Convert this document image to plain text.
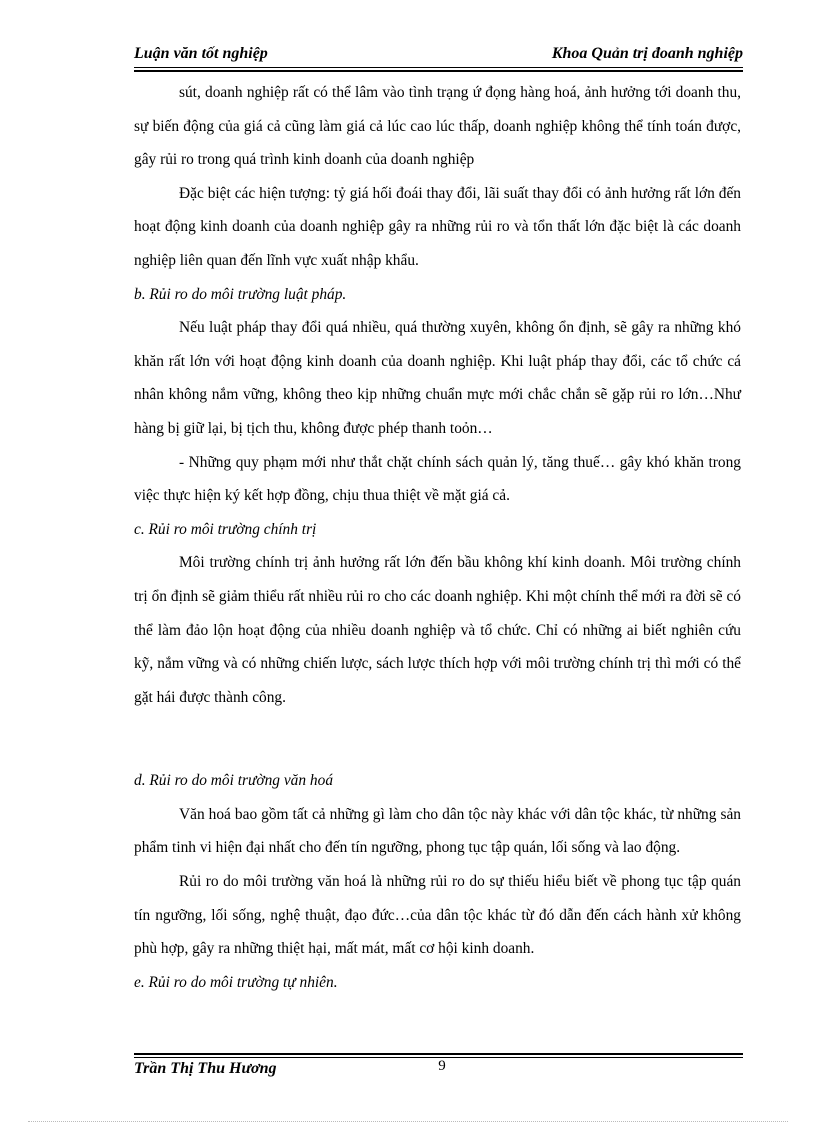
Luận văn tốt nghiệp	Khoa Quản trị đoanh nghiệp

sút, doanh nghiệp rất có thể lâm vào tình trạng ứ đọng hàng hoá, ảnh hưởng tới doanh thu, sự biến động của giá cả cũng làm giá cả lúc cao lúc thấp, doanh nghiệp không thể tính toán được, gây rủi ro trong quá trình kinh doanh của doanh nghiệp

Đặc biệt các hiện tượng: tỷ giá hối đoái thay đổi, lãi suất thay đổi có ảnh hưởng rất lớn đến hoạt động kinh doanh của doanh nghiệp gây ra những rủi ro và tổn thất lớn đặc biệt là các doanh nghiệp liên quan đến lĩnh vực xuất nhập khẩu.

b. Rủi ro do môi trường luật pháp.

Nếu luật pháp thay đổi quá nhiều, quá thường xuyên, không ổn định, sẽ gây ra những khó khăn rất lớn với hoạt động kinh doanh của doanh nghiệp. Khi luật pháp thay đổi, các tổ chức cá nhân không nắm vững, không theo kịp những chuẩn mực mới chắc chắn sẽ gặp rủi ro lớn…Như hàng bị giữ lại, bị tịch thu, không được phép thanh toỏn…

- Những quy phạm mới như thắt chặt chính sách quản lý, tăng thuế… gây khó khăn trong việc thực hiện ký kết hợp đồng, chịu thua thiệt về mặt giá cả.

c. Rủi ro môi trường chính trị

Môi trường chính trị ảnh hưởng rất lớn đến bầu không khí kinh doanh. Môi trường chính trị ổn định sẽ giảm thiểu rất nhiều rủi ro cho các doanh nghiệp. Khi một chính thể mới ra đời sẽ có thể làm đảo lộn hoạt động của nhiều doanh nghiệp và tổ chức. Chỉ có những ai biết nghiên cứu kỹ, nắm vững và có những chiến lược, sách lược thích hợp với môi trường chính trị thì mới có thể gặt hái được thành công.

d. Rủi ro do môi trường văn hoá

Văn hoá bao gồm tất cả những gì làm cho dân tộc này khác với dân tộc khác, từ những sản phẩm tinh vi hiện đại nhất cho đến tín ngưỡng, phong tục tập quán, lối sống và lao động.

Rủi ro do môi trường văn hoá là những rủi ro do sự thiếu hiểu biết về phong tục tập quán tín ngưỡng, lối sống, nghệ thuật, đạo đức…của dân tộc khác từ đó dẫn đến cách hành xử không phù hợp, gây ra những thiệt hại, mất mát, mất cơ hội kinh doanh.

e. Rủi ro do môi trường tự nhiên.

Trần Thị Thu Hương	9
